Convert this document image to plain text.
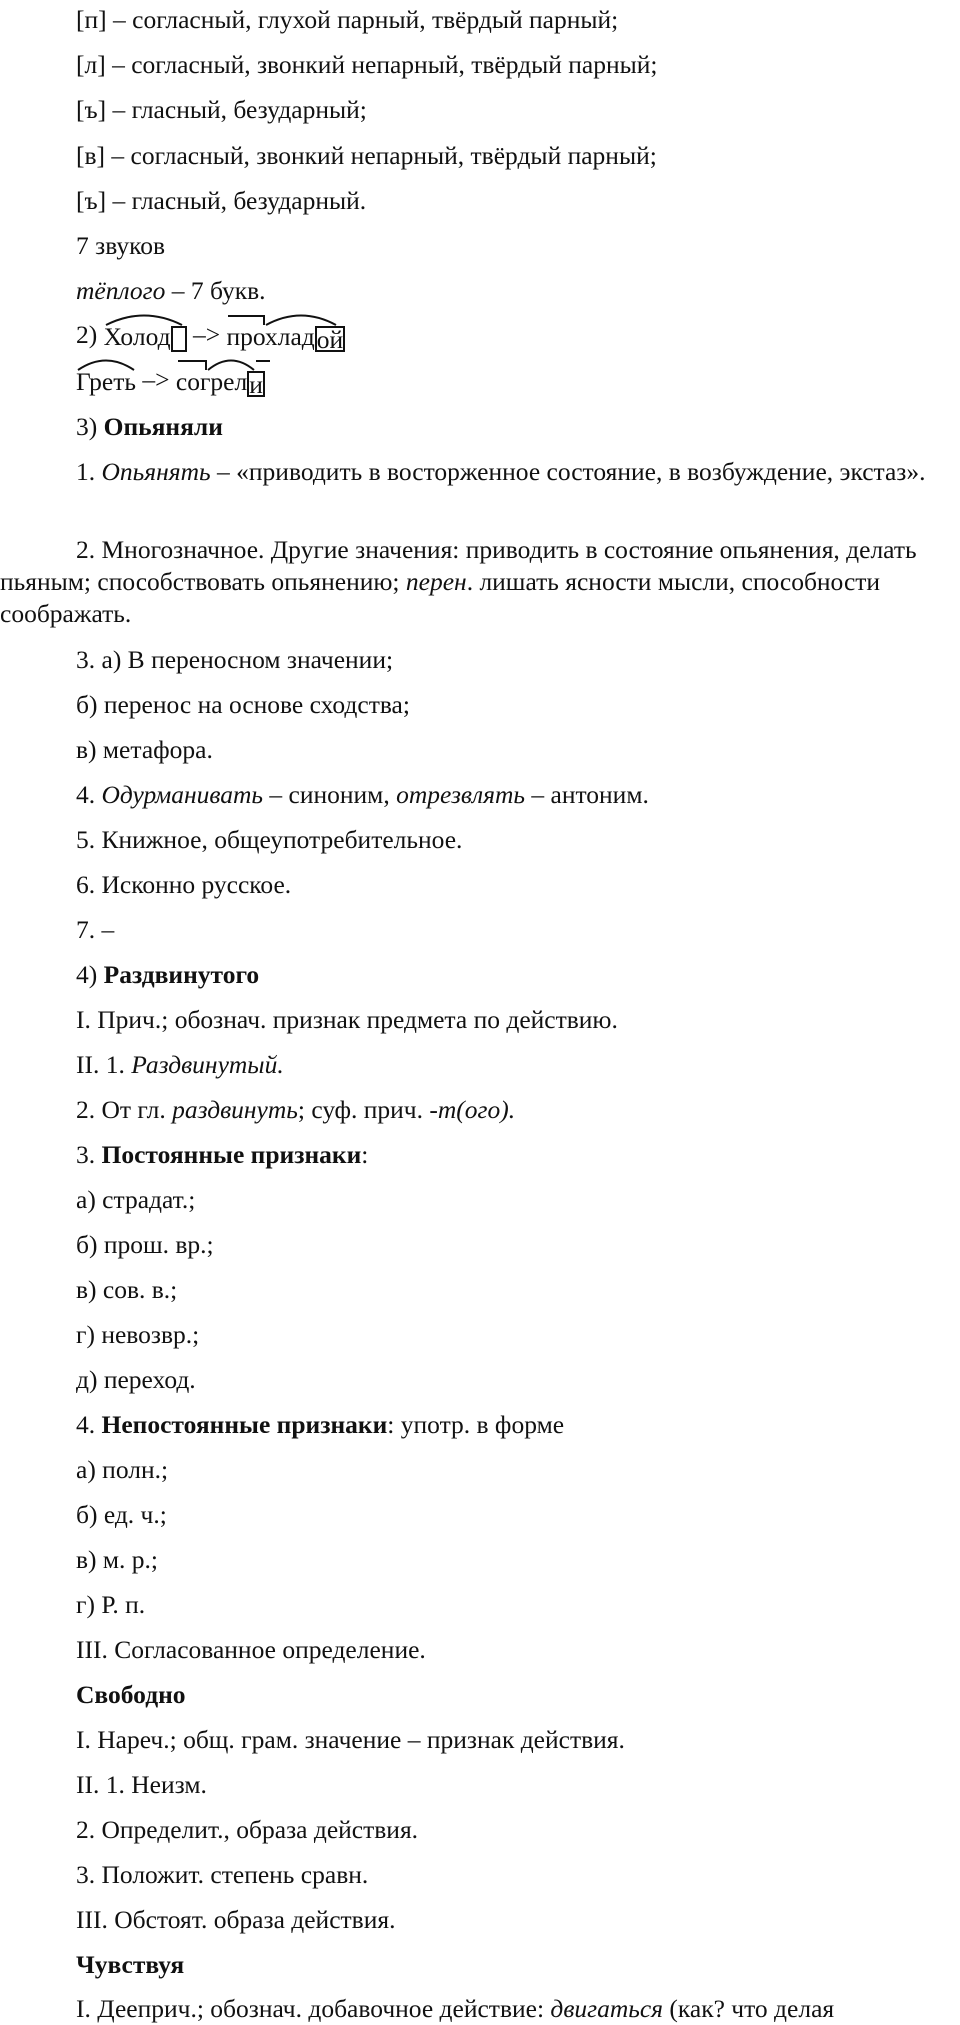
[п] – согласный, глухой парный, твёрдый парный;
[л] – согласный, звонкий непарный, твёрдый парный;
[ъ] – гласный, безударный;
[в] – согласный, звонкий непарный, твёрдый парный;
[ъ] – гласный, безударный.
7 звуков
тёплого – 7 букв.
2) Холод –> прохладой
Греть –> согрели
3) Опьяняли
1. Опьянять – «приводить в восторженное состояние, в возбуждение, экстаз».
2. Многозначное. Другие значения: приводить в состояние опьянения, делать пьяным; способствовать опьянению; перен. лишать ясности мысли, способности соображать.
3. а) В переносном значении;
б) перенос на основе сходства;
в) метафора.
4. Одурманивать – синоним, отрезвлять – антоним.
5. Книжное, общеупотребительное.
6. Исконно русское.
7. –
4) Раздвинутого
I. Прич.; обознач. признак предмета по действию.
II. 1. Раздвинутый.
2. От гл. раздвинуть; суф. прич. -т(ого).
3. Постоянные признаки:
а) страдат.;
б) прош. вр.;
в) сов. в.;
г) невозвр.;
д) переход.
4. Непостоянные признаки: употр. в форме
а) полн.;
б) ед. ч.;
в) м. р.;
г) Р. п.
III. Согласованное определение.
Свободно
I. Нареч.; общ. грам. значение – признак действия.
II. 1. Неизм.
2. Определит., образа действия.
3. Положит. степень сравн.
III. Обстоят. образа действия.
Чувствуя
I. Дееприч.; обознач. добавочное действие: двигаться (как? что делая
